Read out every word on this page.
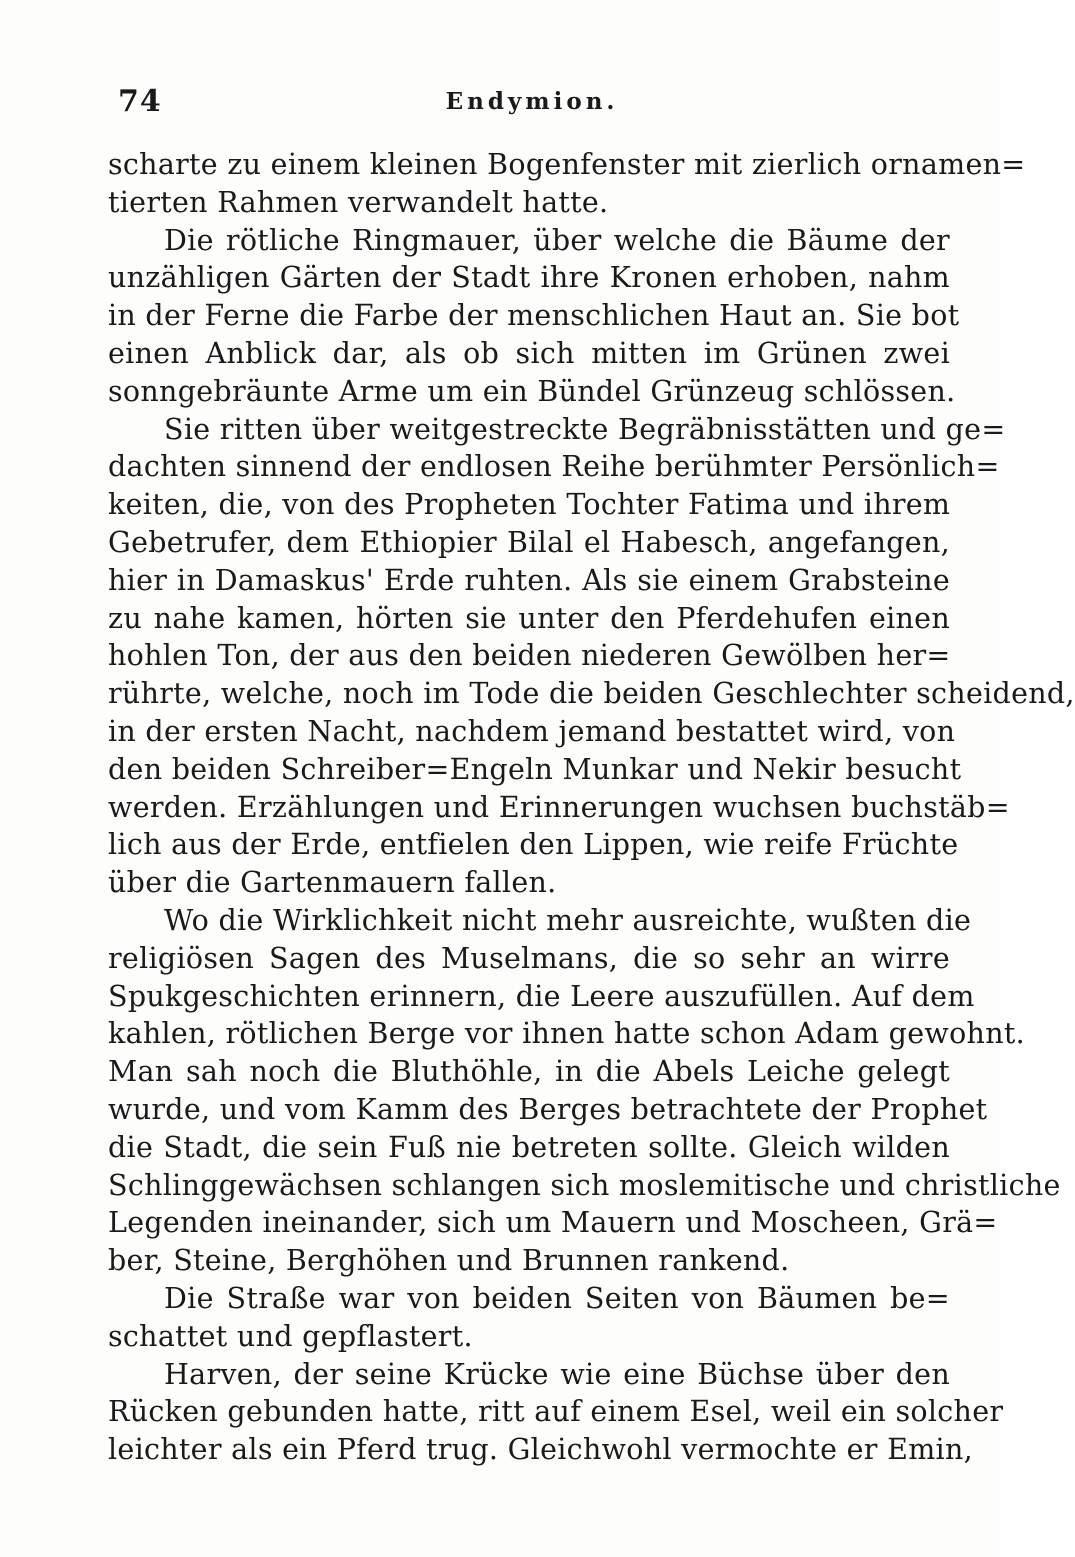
74	Endymion.
scharte zu einem kleinen Bogenfenster mit zierlich ornamen=
tierten Rahmen verwandelt hatte.
Die rötliche Ringmauer, über welche die Bäume der
unzähligen Gärten der Stadt ihre Kronen erhoben, nahm
in der Ferne die Farbe der menschlichen Haut an. Sie bot
einen Anblick dar, als ob sich mitten im Grünen zwei
sonngebräunte Arme um ein Bündel Grünzeug schlössen.
Sie ritten über weitgestreckte Begräbnisstätten und ge=
dachten sinnend der endlosen Reihe berühmter Persönlich=
keiten, die, von des Propheten Tochter Fatima und ihrem
Gebetrufer, dem Ethiopier Bilal el Habesch, angefangen,
hier in Damaskus' Erde ruhten. Als sie einem Grabsteine
zu nahe kamen, hörten sie unter den Pferdehufen einen
hohlen Ton, der aus den beiden niederen Gewölben her=
rührte, welche, noch im Tode die beiden Geschlechter scheidend,
in der ersten Nacht, nachdem jemand bestattet wird, von
den beiden Schreiber=Engeln Munkar und Nekir besucht
werden. Erzählungen und Erinnerungen wuchsen buchstäb=
lich aus der Erde, entfielen den Lippen, wie reife Früchte
über die Gartenmauern fallen.
Wo die Wirklichkeit nicht mehr ausreichte, wußten die
religiösen Sagen des Muselmans, die so sehr an wirre
Spukgeschichten erinnern, die Leere auszufüllen. Auf dem
kahlen, rötlichen Berge vor ihnen hatte schon Adam gewohnt.
Man sah noch die Bluthöhle, in die Abels Leiche gelegt
wurde, und vom Kamm des Berges betrachtete der Prophet
die Stadt, die sein Fuß nie betreten sollte. Gleich wilden
Schlinggewächsen schlangen sich moslemitische und christliche
Legenden ineinander, sich um Mauern und Moscheen, Grä=
ber, Steine, Berghöhen und Brunnen rankend.
Die Straße war von beiden Seiten von Bäumen be=
schattet und gepflastert.
Harven, der seine Krücke wie eine Büchse über den
Rücken gebunden hatte, ritt auf einem Esel, weil ein solcher
leichter als ein Pferd trug. Gleichwohl vermochte er Emin,
